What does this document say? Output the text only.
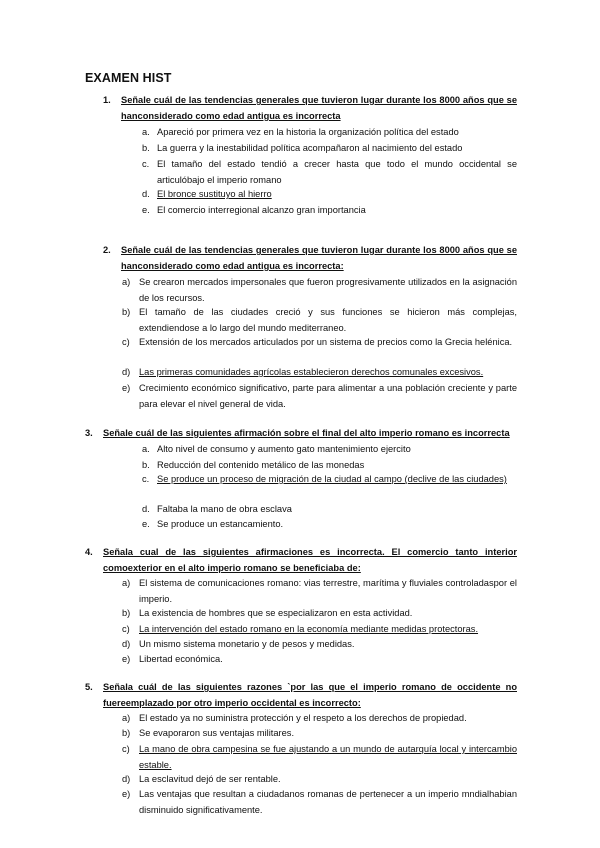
EXAMEN HIST
1. Señale cuál de las tendencias generales que tuvieron lugar durante los 8000 años que se hanconsiderado como edad antigua es incorrecta
a. Apareció por primera vez en la historia la organización política del estado
b. La guerra y la inestabilidad política acompañaron al nacimiento del estado
c. El tamaño del estado tendió a crecer hasta que todo el mundo occidental se articulóbajo el imperio romano
d. El bronce sustituyo al hierro
e. El comercio interregional alcanzo gran importancia
2. Señale cuál de las tendencias generales que tuvieron lugar durante los 8000 años que se hanconsiderado como edad antigua es incorrecta:
a) Se crearon mercados impersonales que fueron progresivamente utilizados en la asignación de los recursos.
b) El tamaño de las ciudades creció y sus funciones se hicieron más complejas, extendiendose a lo largo del mundo mediterraneo.
c) Extensión de los mercados articulados por un sistema de precios como la Grecia helénica.
d) Las primeras comunidades agrícolas establecieron derechos comunales excesivos.
e) Crecimiento económico significativo, parte para alimentar a una población creciente y parte para elevar el nivel general de vida.
3. Señale cuál de las siguientes afirmación sobre el final del alto imperio romano es incorrecta
a. Alto nivel de consumo y aumento gato mantenimiento ejercito
b. Reducción del contenido metálico de las monedas
c. Se produce un proceso de migración de la ciudad al campo (declive de las ciudades)
d. Faltaba la mano de obra esclava
e. Se produce un estancamiento.
4. Señala cual de las siguientes afirmaciones es incorrecta. El comercio tanto interior comoexterior en el alto imperio romano se beneficiaba de:
a) El sistema de comunicaciones romano: vias terrestre, marítima y fluviales controladaspor el imperio.
b) La existencia de hombres que se especializaron en esta actividad.
c) La intervención del estado romano en la economía mediante medidas protectoras.
d) Un mismo sistema monetario y de pesos y medidas.
e) Libertad económica.
5. Señala cuál de las siguientes razones `por las que el imperio romano de occidente no fuereemplazado por otro imperio occidental es incorrecto:
a) El estado ya no suministra protección y el respeto a los derechos de propiedad.
b) Se evaporaron sus ventajas militares.
c) La mano de obra campesina se fue ajustando a un mundo de autarquía local y intercambio estable.
d) La esclavitud dejó de ser rentable.
e) Las ventajas que resultan a ciudadanos romanas de pertenecer a un imperio mndialhabian disminuido significativamente.
